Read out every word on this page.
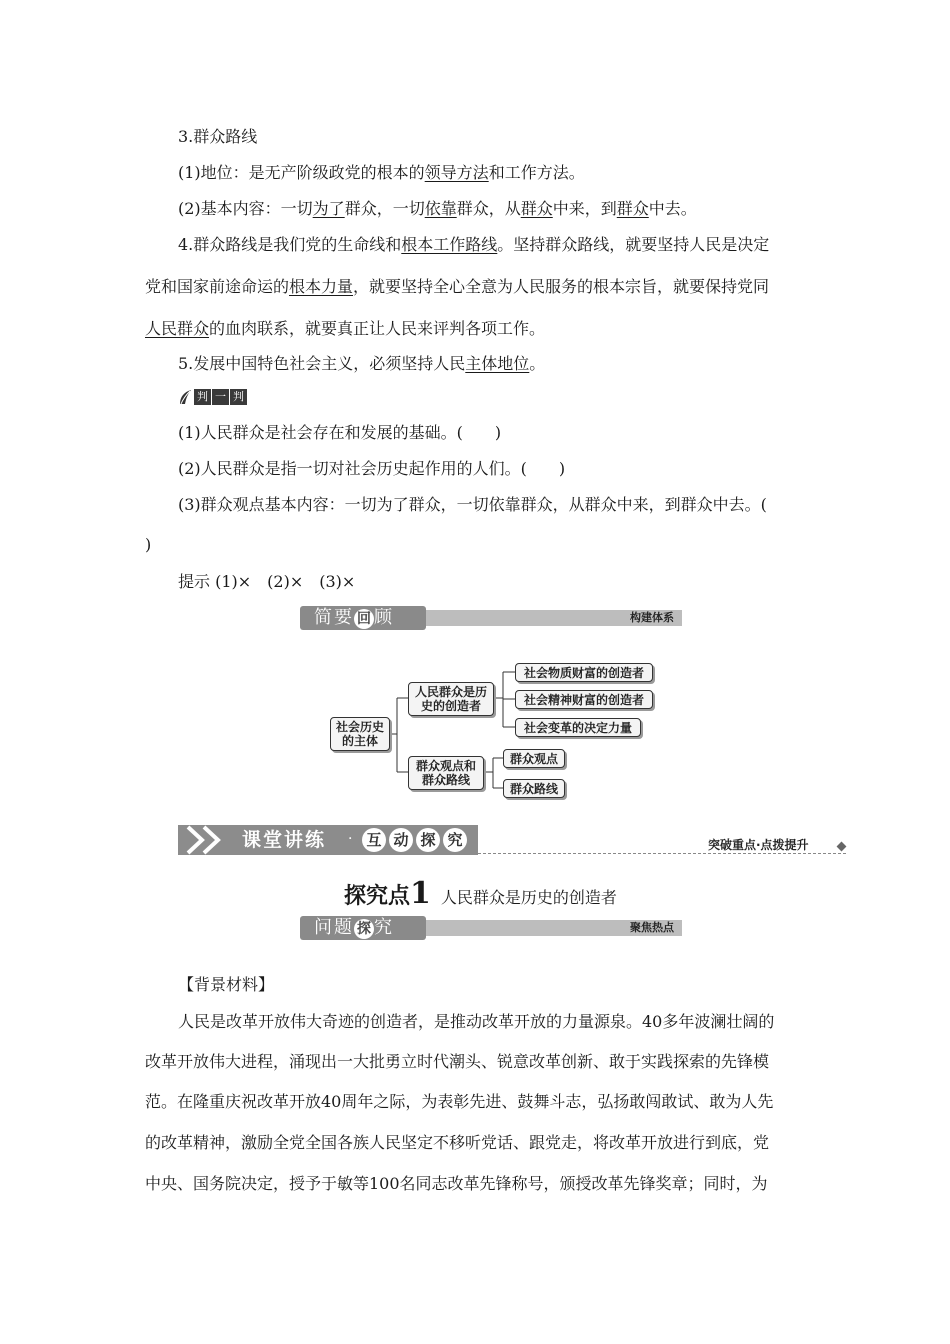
3.群众路线
(1)地位：是无产阶级政党的根本的领导方法和工作方法。
(2)基本内容：一切为了群众，一切依靠群众，从群众中来，到群众中去。
4.群众路线是我们党的生命线和根本工作路线。坚持群众路线，就要坚持人民是决定
党和国家前途命运的根本力量，就要坚持全心全意为人民服务的根本宗旨，就要保持党同
人民群众的血肉联系，就要真正让人民来评判各项工作。
5.发展中国特色社会主义，必须坚持人民主体地位。
判 一 判
(1)人民群众是社会存在和发展的基础。(　　)
(2)人民群众是指一切对社会历史起作用的人们。(　　)
(3)群众观点基本内容：一切为了群众，一切依靠群众，从群众中来，到群众中去。(
)
提示 (1)×　(2)×　(3)×
简要 回 顾	构建体系
社会历史
的主体
人民群众是历
史的创造者
群众观点和
群众路线
社会物质财富的创造者
社会精神财富的创造者
社会变革的决定力量
群众观点
群众路线
课堂讲练 · 互 动 探 究	突破重点·点拨提升
探究点1 人民群众是历史的创造者
问题 探 究	聚焦热点
【背景材料】
人民是改革开放伟大奇迹的创造者，是推动改革开放的力量源泉。40多年波澜壮阔的
改革开放伟大进程，涌现出一大批勇立时代潮头、锐意改革创新、敢于实践探索的先锋模
范。在隆重庆祝改革开放40周年之际，为表彰先进、鼓舞斗志，弘扬敢闯敢试、敢为人先
的改革精神，激励全党全国各族人民坚定不移听党话、跟党走，将改革开放进行到底，党
中央、国务院决定，授予于敏等100名同志改革先锋称号，颁授改革先锋奖章；同时，为
